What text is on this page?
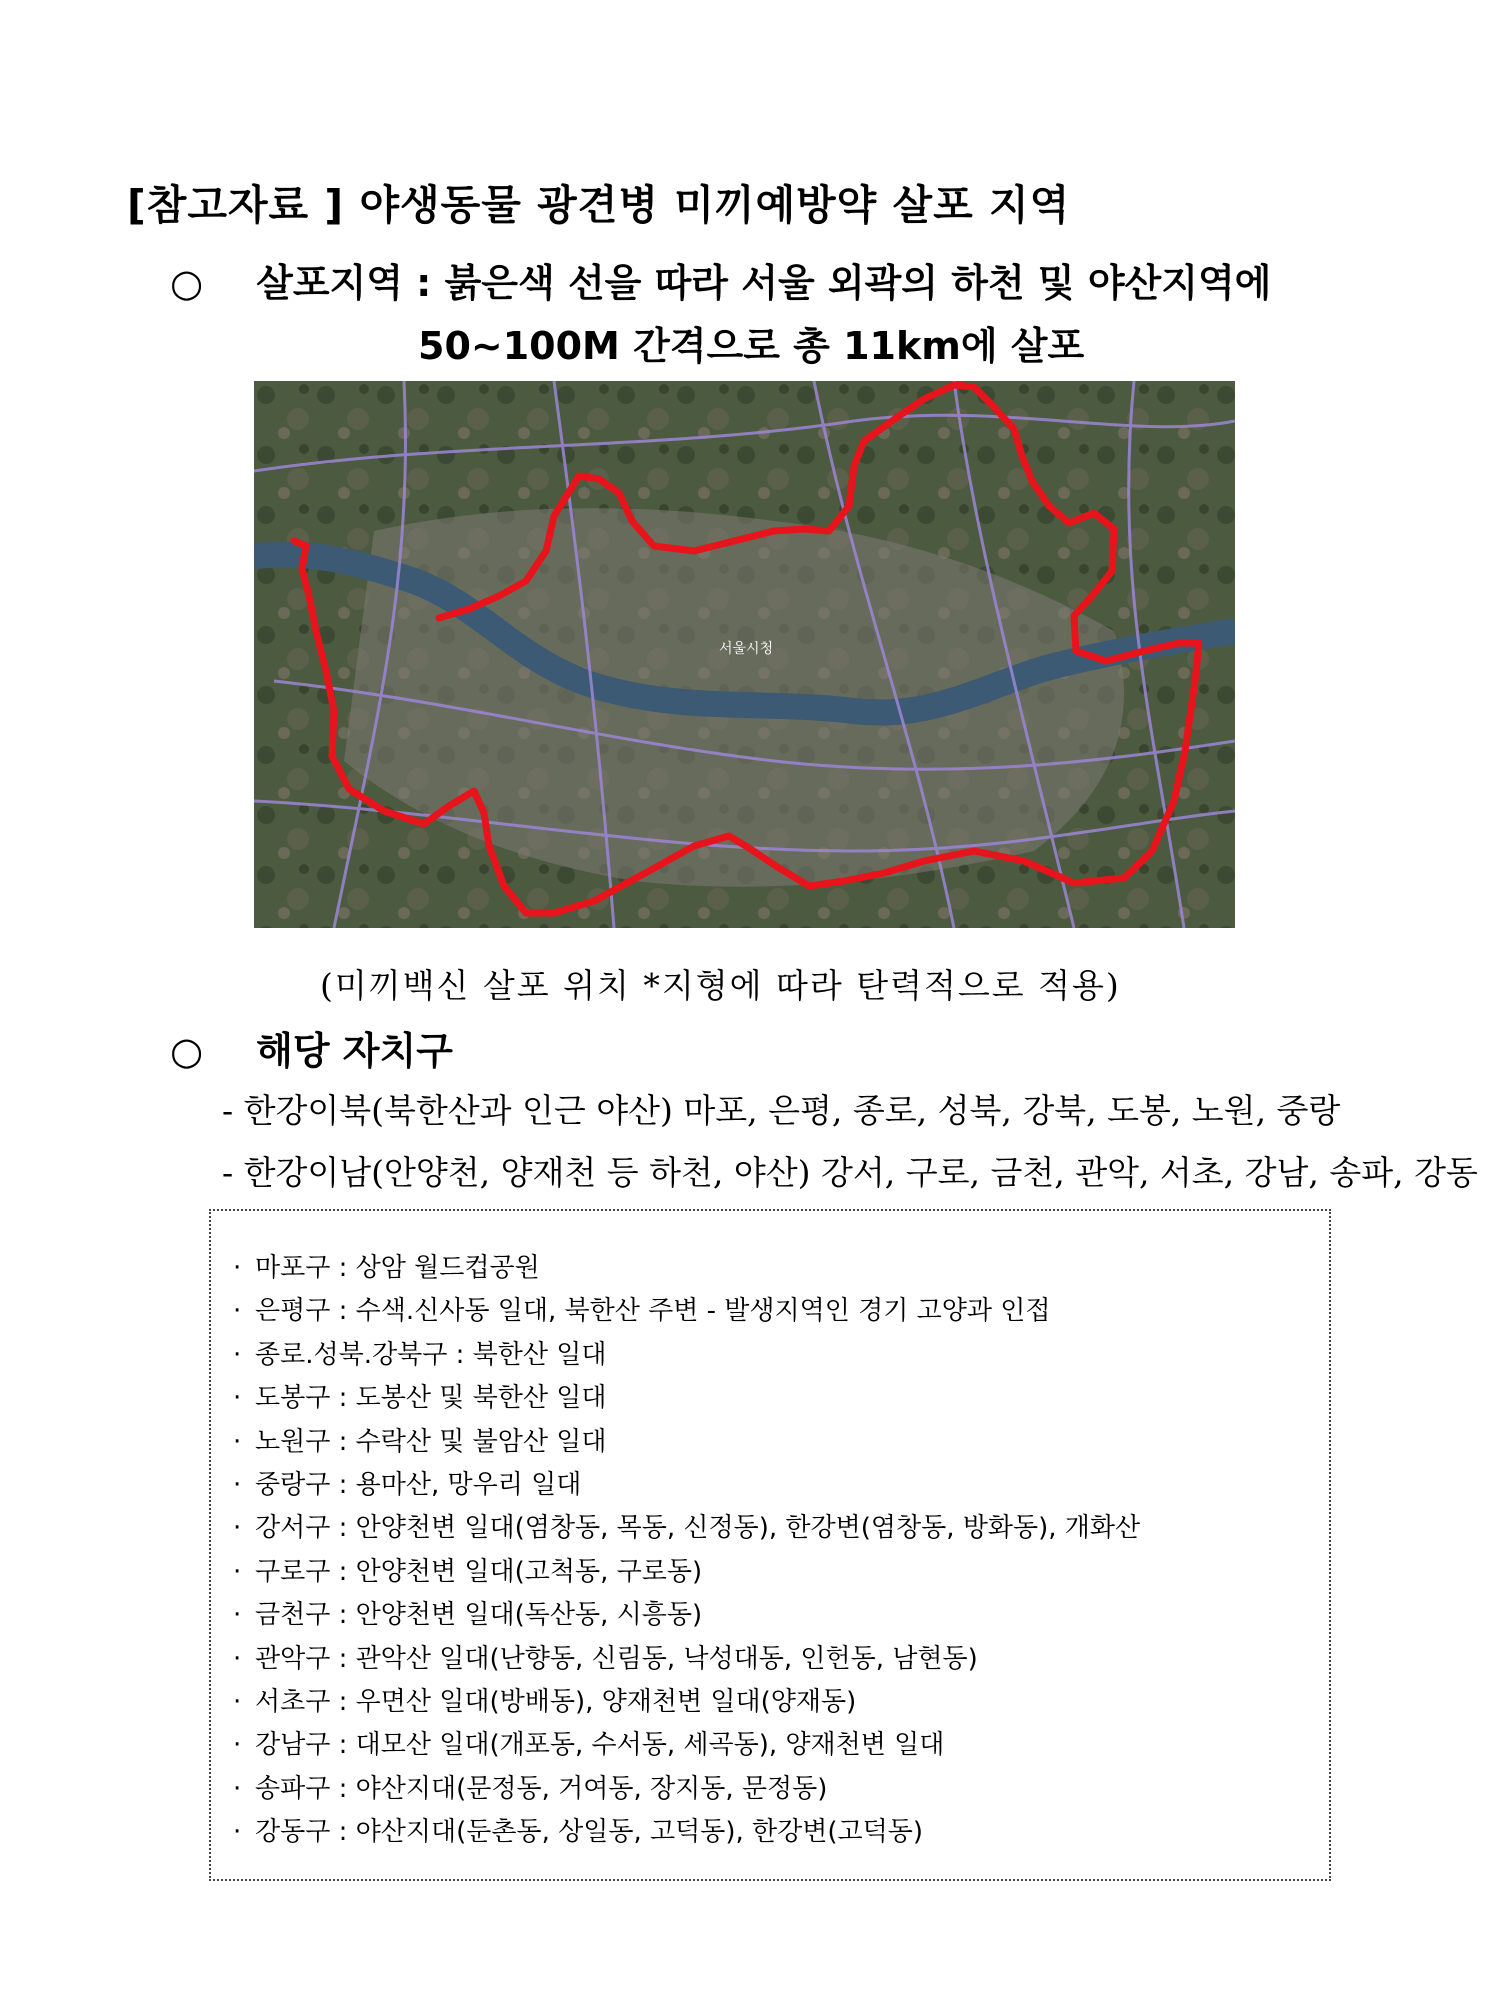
[참고자료 ] 야생동물 광견병 미끼예방약 살포 지역
○ 살포지역 : 붉은색 선을 따라 서울 외곽의 하천 및 야산지역에
50∼100M 간격으로 총 11km에 살포
서울시청
(미끼백신 살포 위치 *지형에 따라 탄력적으로 적용)
○ 해당 자치구
- 한강이북(북한산과 인근 야산) 마포, 은평, 종로, 성북, 강북, 도봉, 노원, 중랑
- 한강이남(안양천, 양재천 등 하천, 야산) 강서, 구로, 금천, 관악, 서초, 강남, 송파, 강동
· 마포구 : 상암 월드컵공원
· 은평구 : 수색.신사동 일대, 북한산 주변 - 발생지역인 경기 고양과 인접
· 종로.성북.강북구 : 북한산 일대
· 도봉구 : 도봉산 및 북한산 일대
· 노원구 : 수락산 및 불암산 일대
· 중랑구 : 용마산, 망우리 일대
· 강서구 : 안양천변 일대(염창동, 목동, 신정동), 한강변(염창동, 방화동), 개화산
· 구로구 : 안양천변 일대(고척동, 구로동)
· 금천구 : 안양천변 일대(독산동, 시흥동)
· 관악구 : 관악산 일대(난향동, 신림동, 낙성대동, 인헌동, 남현동)
· 서초구 : 우면산 일대(방배동), 양재천변 일대(양재동)
· 강남구 : 대모산 일대(개포동, 수서동, 세곡동), 양재천변 일대
· 송파구 : 야산지대(문정동, 거여동, 장지동, 문정동)
· 강동구 : 야산지대(둔촌동, 상일동, 고덕동), 한강변(고덕동)
